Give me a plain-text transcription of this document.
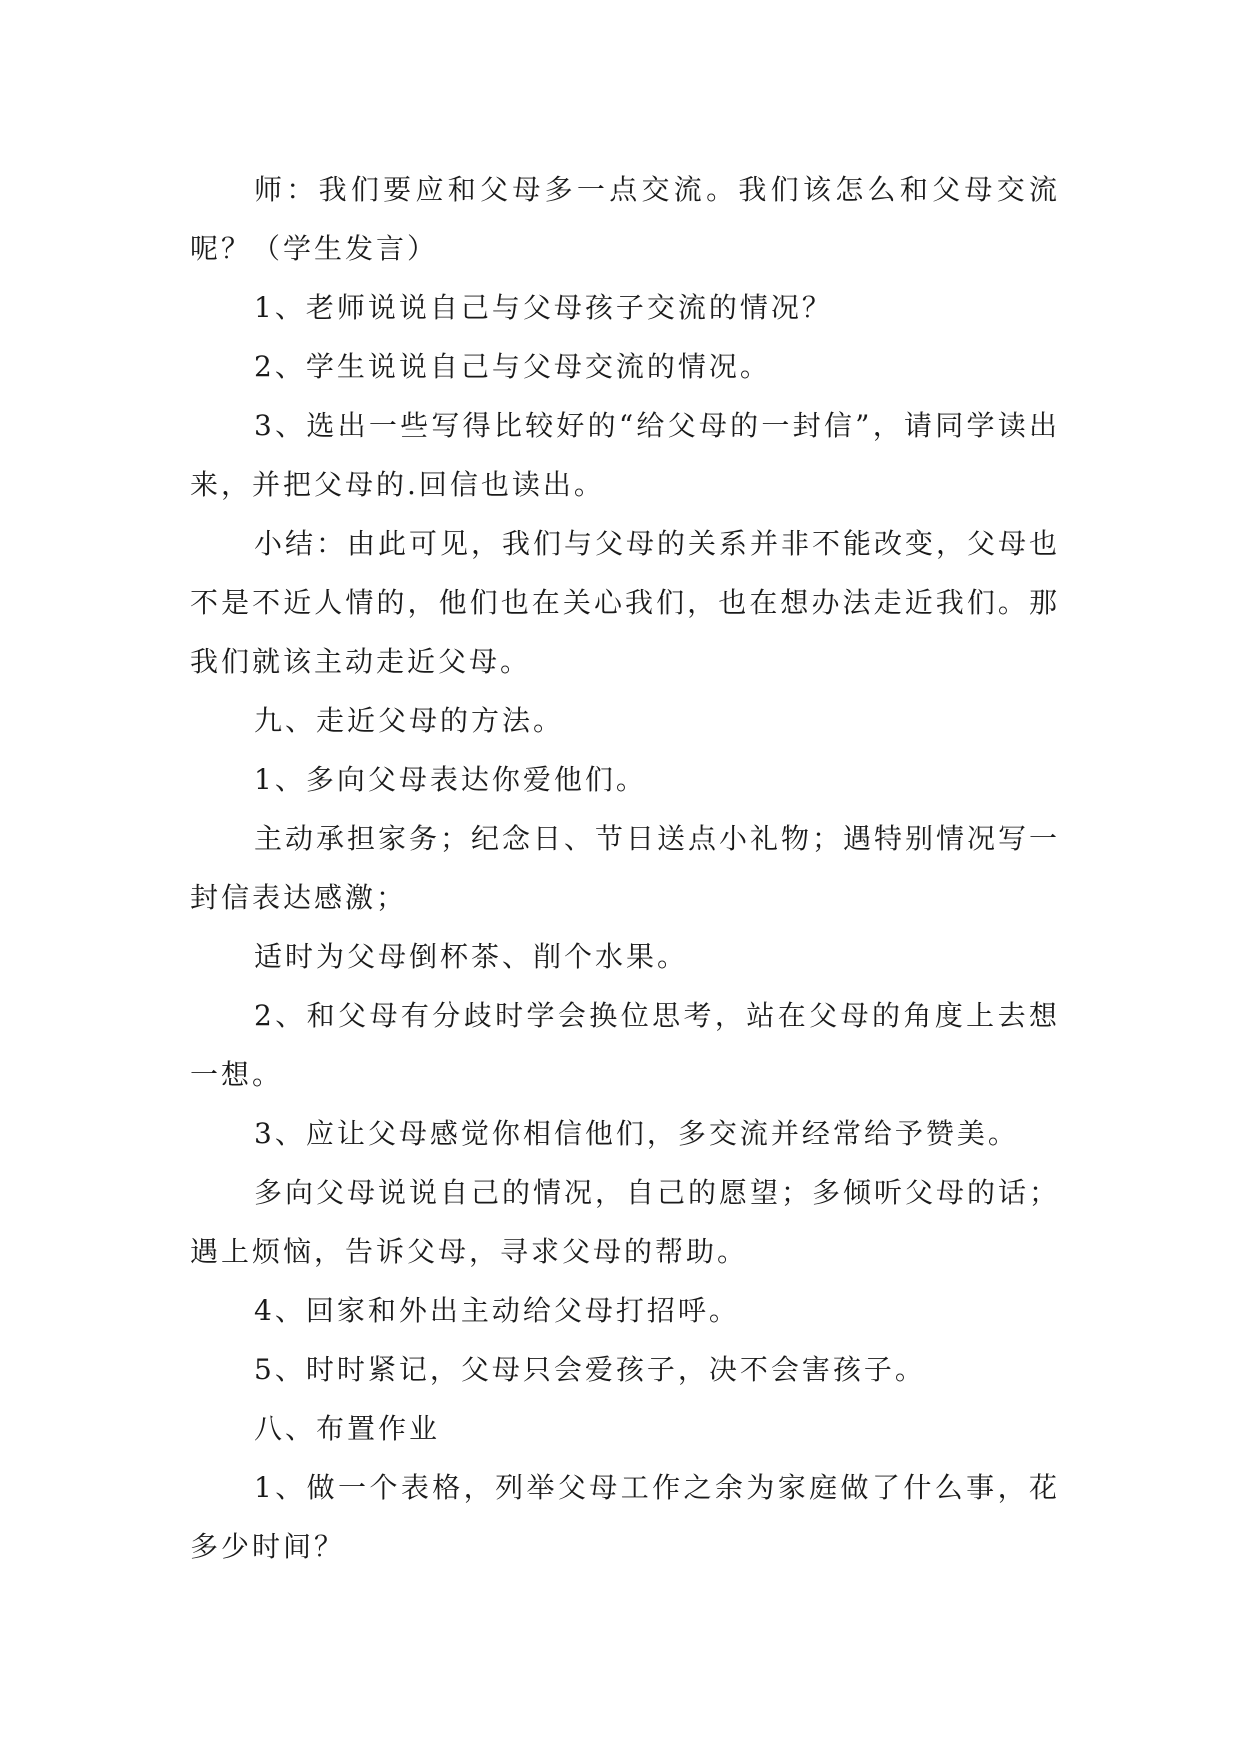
师：我们要应和父母多一点交流。我们该怎么和父母交流呢？（学生发言）

1、老师说说自己与父母孩子交流的情况？

2、学生说说自己与父母交流的情况。

3、选出一些写得比较好的“给父母的一封信”，请同学读出来，并把父母的.回信也读出。

小结：由此可见，我们与父母的关系并非不能改变，父母也不是不近人情的，他们也在关心我们，也在想办法走近我们。那我们就该主动走近父母。

九、走近父母的方法。

1、多向父母表达你爱他们。

主动承担家务；纪念日、节日送点小礼物；遇特别情况写一封信表达感激；

适时为父母倒杯茶、削个水果。

2、和父母有分歧时学会换位思考，站在父母的角度上去想一想。

3、应让父母感觉你相信他们，多交流并经常给予赞美。

多向父母说说自己的情况，自己的愿望；多倾听父母的话；遇上烦恼，告诉父母，寻求父母的帮助。

4、回家和外出主动给父母打招呼。

5、时时紧记，父母只会爱孩子，决不会害孩子。

八、布置作业

1、做一个表格，列举父母工作之余为家庭做了什么事，花多少时间？
